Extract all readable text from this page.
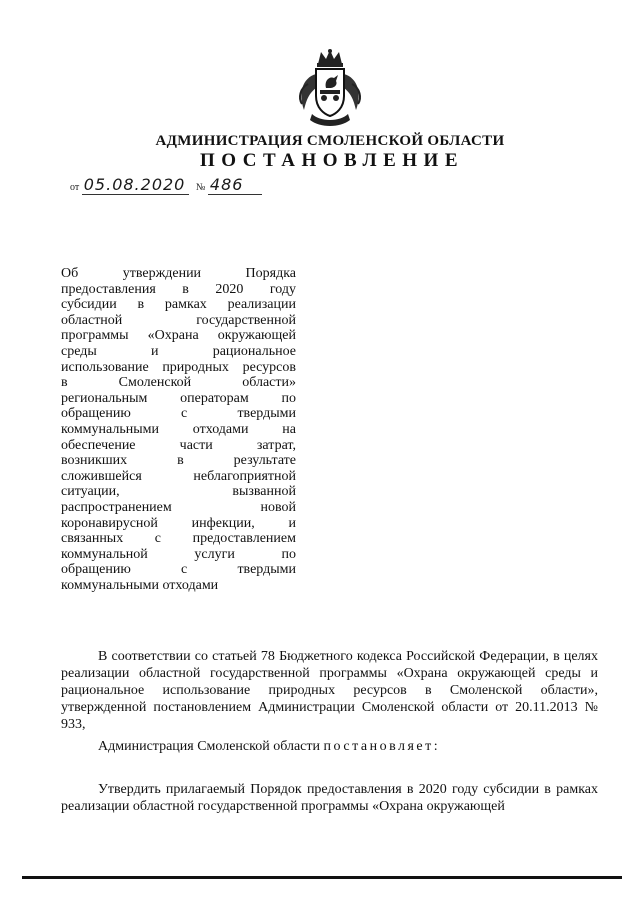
АДМИНИСТРАЦИЯ СМОЛЕНСКОЙ ОБЛАСТИ
ПОСТАНОВЛЕНИЕ
от 05.08.2020 № 486
Об утверждении Порядка
предоставления в 2020 году
субсидии в рамках реализации
областной государственной
программы «Охрана окружающей
среды и рациональное
использование природных ресурсов
в Смоленской области»
региональным операторам по
обращению с твердыми
коммунальными отходами на
обеспечение части затрат,
возникших в результате
сложившейся неблагоприятной
ситуации, вызванной
распространением новой
коронавирусной инфекции, и
связанных с предоставлением
коммунальной услуги по
обращению с твердыми
коммунальными отходами
В соответствии со статьей 78 Бюджетного кодекса Российской Федерации, в целях реализации областной государственной программы «Охрана окружающей среды и рациональное использование природных ресурсов в Смоленской области», утвержденной постановлением Администрации Смоленской области от 20.11.2013 № 933,
Администрация Смоленской области постановляет:
Утвердить прилагаемый Порядок предоставления в 2020 году субсидии в рамках реализации областной государственной программы «Охрана окружающей
